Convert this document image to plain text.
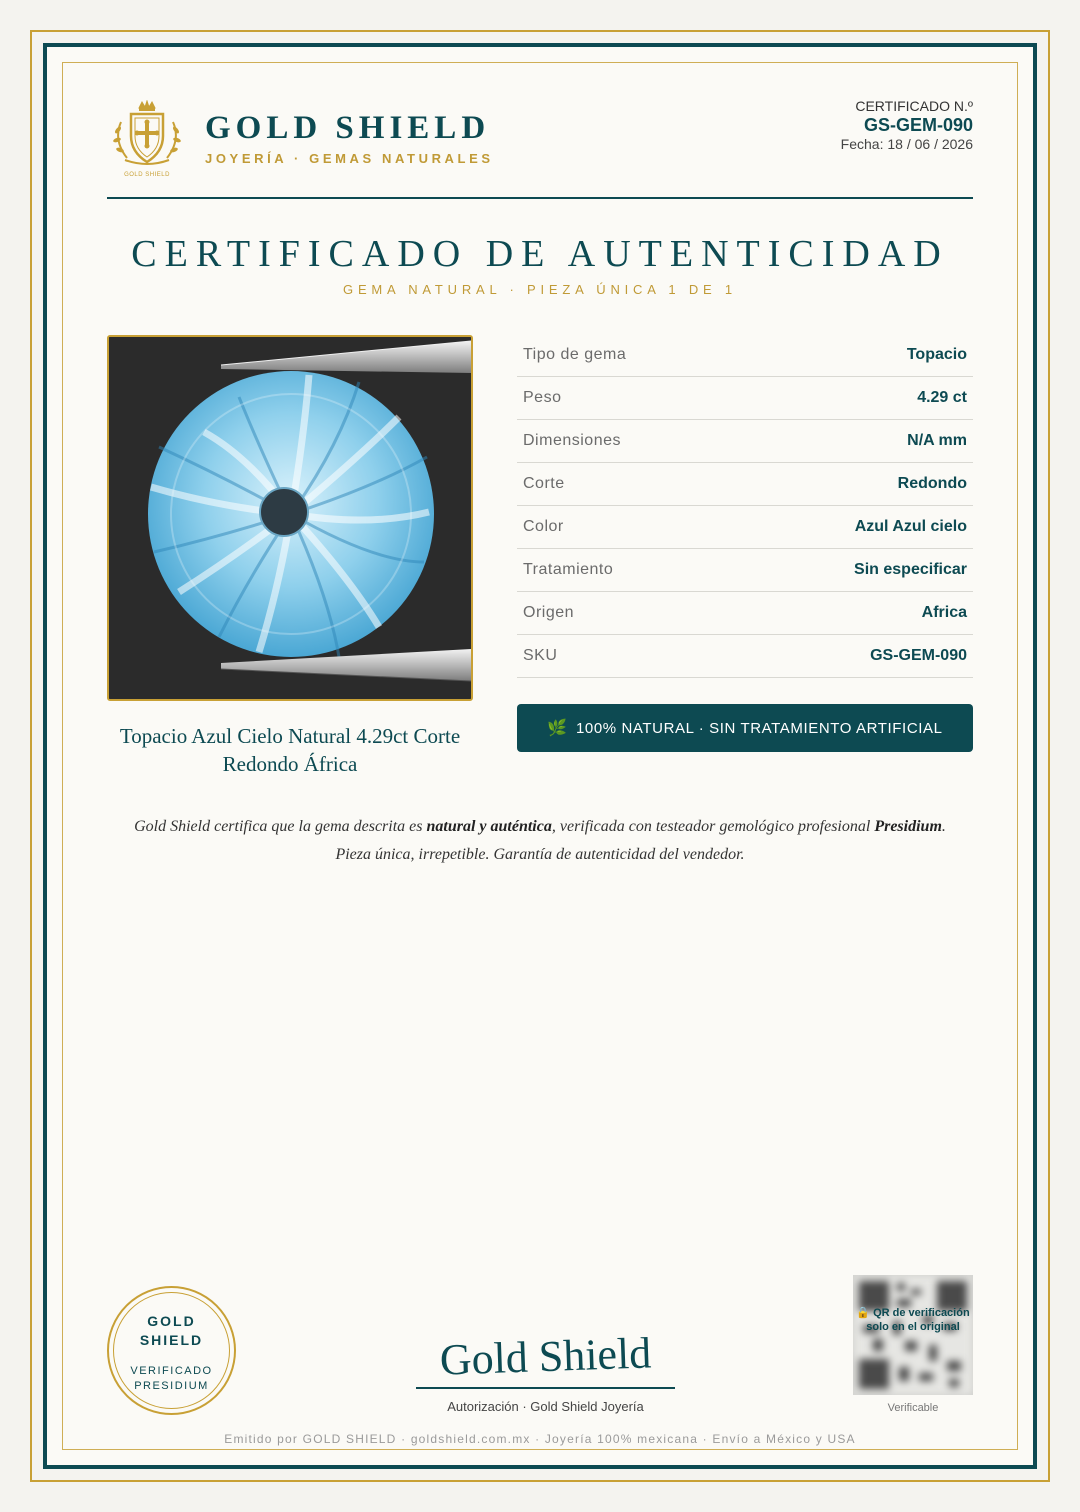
GOLD SHIELD
GOLD SHIELD
JOYERÍA · GEMAS NATURALES
CERTIFICADO N.º
GS-GEM-090
Fecha: 18 / 06 / 2026
CERTIFICADO DE AUTENTICIDAD
GEMA NATURAL · PIEZA ÚNICA 1 DE 1
Topacio Azul Cielo Natural 4.29ct Corte Redondo África
Tipo de gema	Topacio
Peso	4.29 ct
Dimensiones	N/A mm
Corte	Redondo
Color	Azul Azul cielo
Tratamiento	Sin especificar
Origen	Africa
SKU	GS-GEM-090
🌿 100% NATURAL · SIN TRATAMIENTO ARTIFICIAL
Gold Shield certifica que la gema descrita es natural y auténtica, verificada con testeador gemológico profesional Presidium.
Pieza única, irrepetible. Garantía de autenticidad del vendedor.
GOLD
SHIELD
VERIFICADO
PRESIDIUM
Gold Shield
Autorización · Gold Shield Joyería
🔒 QR de verificación solo en el original
Verificable
Emitido por GOLD SHIELD · goldshield.com.mx · Joyería 100% mexicana · Envío a México y USA
